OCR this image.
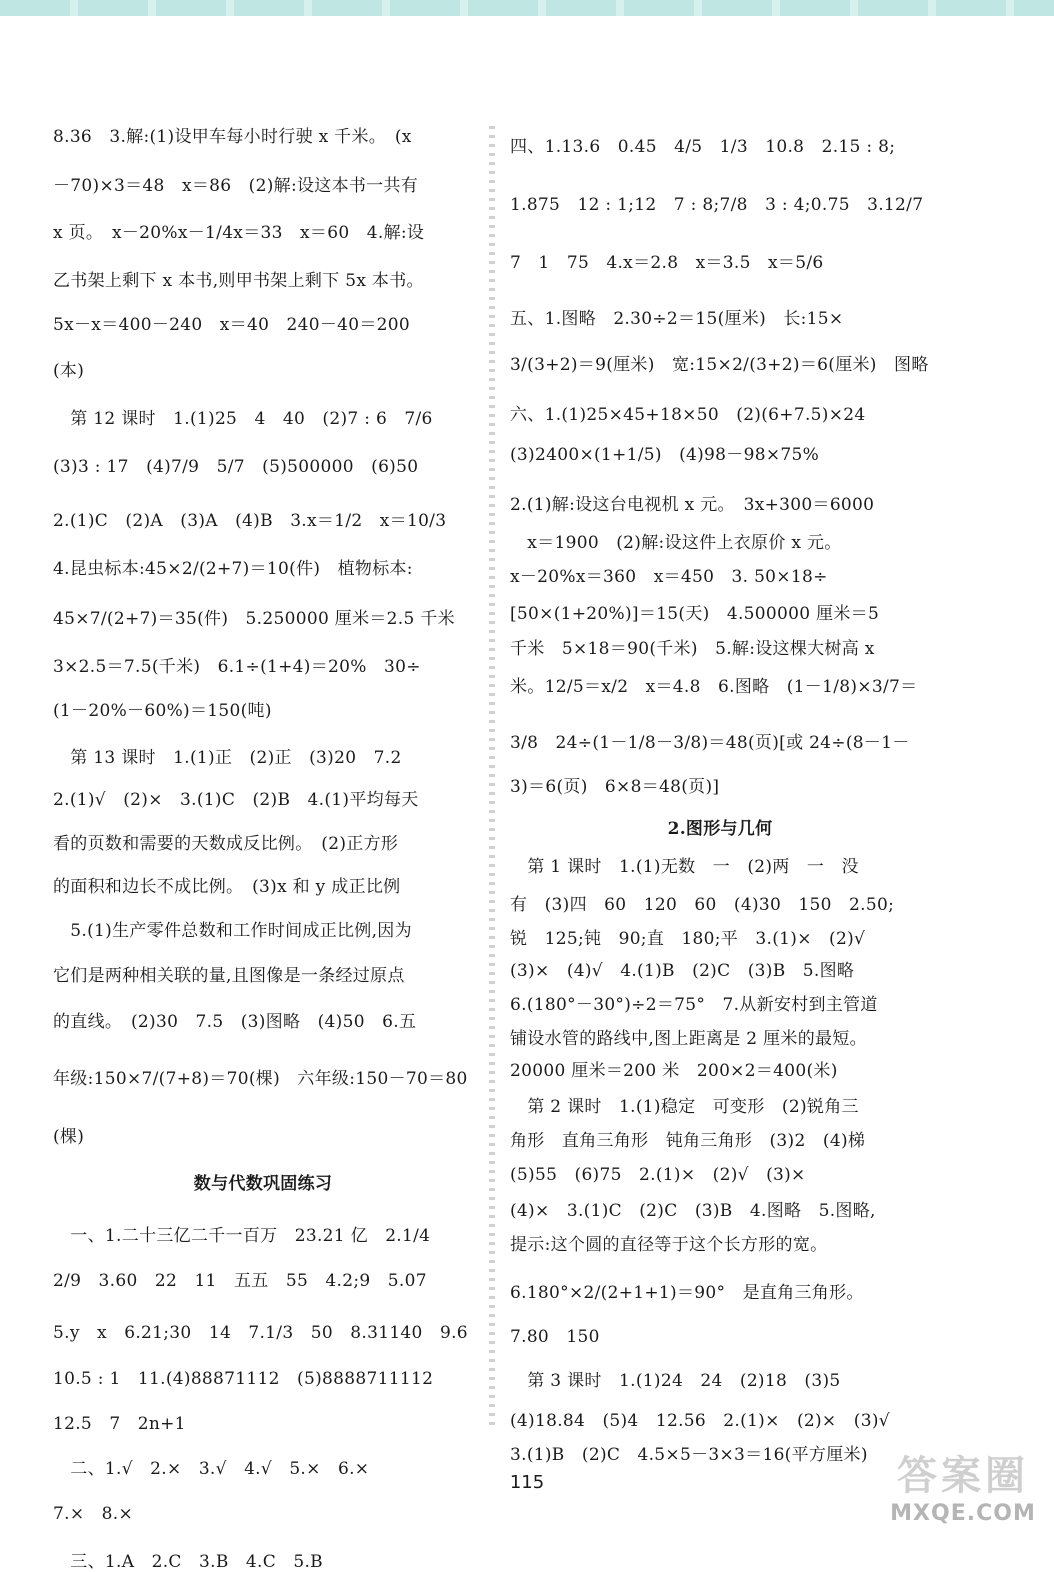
8.36　3.解:(1)设甲车每小时行驶 x 千米。　(x
－70)×3＝48　x＝86　(2)解:设这本书一共有
x 页。　x－20%x－1/4x＝33　x＝60　4.解:设
乙书架上剩下 x 本书,则甲书架上剩下 5x 本书。
5x－x＝400－240　x＝40　240－40＝200
(本)
　第 12 课时　1.(1)25　4　40　(2)7 : 6　7/6
(3)3 : 17　(4)7/9　5/7　(5)500000　(6)50
2.(1)C　(2)A　(3)A　(4)B　3.x＝1/2　x＝10/3
4.昆虫标本:45×2/(2+7)＝10(件)　植物标本:
45×7/(2+7)＝35(件)　5.250000 厘米＝2.5 千米
3×2.5＝7.5(千米)　6.1÷(1+4)＝20%　30÷
(1－20%－60%)＝150(吨)
　第 13 课时　1.(1)正　(2)正　(3)20　7.2
2.(1)√　(2)×　3.(1)C　(2)B　4.(1)平均每天
看的页数和需要的天数成反比例。　(2)正方形
的面积和边长不成比例。　(3)x 和 y 成正比例
　5.(1)生产零件总数和工作时间成正比例,因为
它们是两种相关联的量,且图像是一条经过原点
的直线。　(2)30　7.5　(3)图略　(4)50　6.五
年级:150×7/(7+8)＝70(棵)　六年级:150－70＝80
(棵)
数与代数巩固练习
　一、1.二十三亿二千一百万　23.21 亿　2.1/4
2/9　3.60　22　11　五五　55　4.2;9　5.07
5.y　x　6.21;30　14　7.1/3　50　8.31140　9.6
10.5 : 1　11.(4)88871112　(5)8888711112
12.5　7　2n+1
　二、1.√　2.×　3.√　4.√　5.×　6.×
7.×　8.×
　三、1.A　2.C　3.B　4.C　5.B
四、1.13.6　0.45　4/5　1/3　10.8　2.15 : 8;
1.875　12 : 1;12　7 : 8;7/8　3 : 4;0.75　3.12/7
7　1　75　4.x＝2.8　x＝3.5　x＝5/6
五、1.图略　2.30÷2＝15(厘米)　长:15×
3/(3+2)＝9(厘米)　宽:15×2/(3+2)＝6(厘米)　图略
六、1.(1)25×45+18×50　(2)(6+7.5)×24
(3)2400×(1+1/5)　(4)98－98×75%
2.(1)解:设这台电视机 x 元。　3x+300＝6000
　x＝1900　(2)解:设这件上衣原价 x 元。
x－20%x＝360　x＝450　3. 50×18÷
[50×(1+20%)]＝15(天)　4.500000 厘米＝5
千米　5×18＝90(千米)　5.解:设这棵大树高 x
米。12/5＝x/2　x＝4.8　6.图略　(1－1/8)×3/7＝
3/8　24÷(1－1/8－3/8)＝48(页)[或 24÷(8－1－
3)＝6(页)　6×8＝48(页)]
2.图形与几何
　第 1 课时　1.(1)无数　一　(2)两　一　没
有　(3)四　60　120　60　(4)30　150　2.50;
锐　125;钝　90;直　180;平　3.(1)×　(2)√
(3)×　(4)√　4.(1)B　(2)C　(3)B　5.图略
6.(180°－30°)÷2＝75°　7.从新安村到主管道
铺设水管的路线中,图上距离是 2 厘米的最短。
20000 厘米＝200 米　200×2＝400(米)
　第 2 课时　1.(1)稳定　可变形　(2)锐角三
角形　直角三角形　钝角三角形　(3)2　(4)梯
(5)55　(6)75　2.(1)×　(2)√　(3)×
(4)×　3.(1)C　(2)C　(3)B　4.图略　5.图略,
提示:这个圆的直径等于这个长方形的宽。
6.180°×2/(2+1+1)＝90°　是直角三角形。
7.80　150
　第 3 课时　1.(1)24　24　(2)18　(3)5
(4)18.84　(5)4　12.56　2.(1)×　(2)×　(3)√
3.(1)B　(2)C　4.5×5－3×3＝16(平方厘米)
115	答案圈
MXQE.COM
